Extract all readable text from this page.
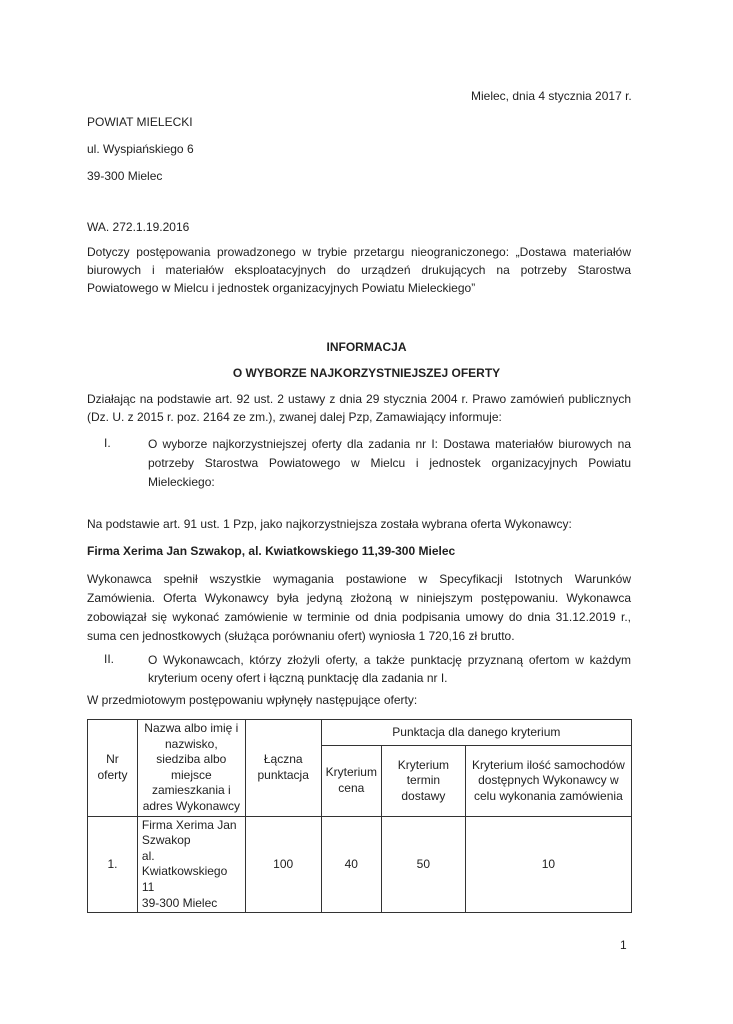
Mielec, dnia 4 stycznia 2017 r.
POWIAT MIELECKI
ul. Wyspiańskiego 6
39-300 Mielec
WA. 272.1.19.2016
Dotyczy postępowania prowadzonego w trybie przetargu nieograniczonego: „Dostawa materiałów biurowych i materiałów eksploatacyjnych do urządzeń drukujących na potrzeby Starostwa Powiatowego w Mielcu i jednostek organizacyjnych Powiatu Mieleckiego”
INFORMACJA
O WYBORZE NAJKORZYSTNIEJSZEJ OFERTY
Działając na podstawie art. 92 ust. 2 ustawy z dnia 29 stycznia 2004 r. Prawo zamówień publicznych (Dz. U. z 2015 r. poz. 2164 ze zm.), zwanej dalej Pzp, Zamawiający informuje:
I.	O wyborze najkorzystniejszej oferty dla zadania nr I: Dostawa materiałów biurowych na potrzeby Starostwa Powiatowego w Mielcu i jednostek organizacyjnych Powiatu Mieleckiego:
Na podstawie art. 91 ust. 1 Pzp, jako najkorzystniejsza została wybrana oferta Wykonawcy:
Firma Xerima Jan Szwakop, al. Kwiatkowskiego 11,39-300 Mielec
Wykonawca spełnił wszystkie wymagania postawione w Specyfikacji Istotnych Warunków Zamówienia. Oferta Wykonawcy była jedyną złożoną w niniejszym postępowaniu. Wykonawca zobowiązał się wykonać zamówienie w terminie od dnia podpisania umowy do dnia 31.12.2019 r., suma cen jednostkowych (służąca porównaniu ofert) wyniosła 1 720,16 zł brutto.
II.	O Wykonawcach, którzy złożyli oferty, a także punktację przyznaną ofertom w każdym kryterium oceny ofert i łączną punktację dla zadania nr I.
W przedmiotowym postępowaniu wpłynęły następujące oferty:
Nr oferty	Nazwa albo imię i nazwisko, siedziba albo miejsce zamieszkania i adres Wykonawcy	Łączna punktacja	Punktacja dla danego kryterium		
			Kryterium cena	Kryterium termin dostawy	Kryterium ilość samochodów dostępnych Wykonawcy w celu wykonania zamówienia
1.	Firma Xerima Jan
Szwakop
al. Kwiatkowskiego
11
39-300 Mielec	100	40	50	10
1
